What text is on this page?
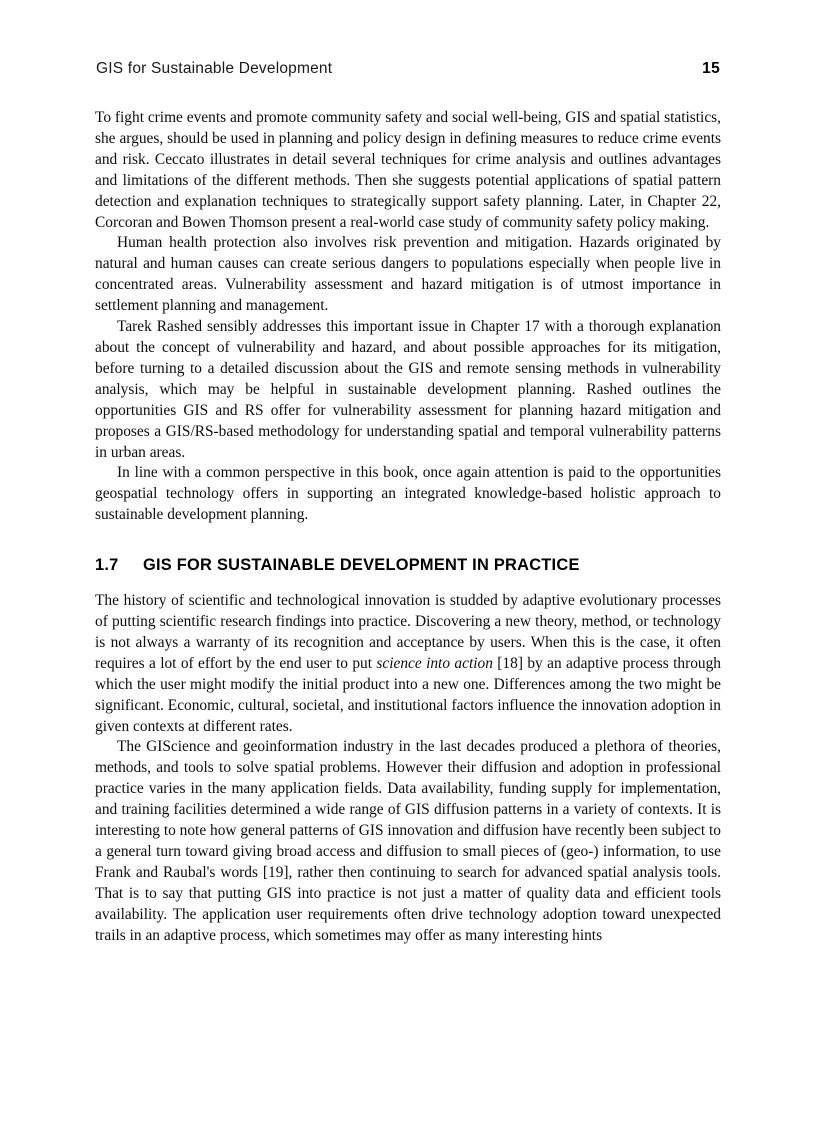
GIS for Sustainable Development	15

To fight crime events and promote community safety and social well-being, GIS and spatial statistics, she argues, should be used in planning and policy design in defining measures to reduce crime events and risk. Ceccato illustrates in detail several techniques for crime analysis and outlines advantages and limitations of the different methods. Then she suggests potential applications of spatial pattern detection and explanation techniques to strategically support safety planning. Later, in Chapter 22, Corcoran and Bowen Thomson present a real-world case study of community safety policy making.

Human health protection also involves risk prevention and mitigation. Hazards originated by natural and human causes can create serious dangers to populations especially when people live in concentrated areas. Vulnerability assessment and hazard mitigation is of utmost importance in settlement planning and management.

Tarek Rashed sensibly addresses this important issue in Chapter 17 with a thorough explanation about the concept of vulnerability and hazard, and about possible approaches for its mitigation, before turning to a detailed discussion about the GIS and remote sensing methods in vulnerability analysis, which may be helpful in sustainable development planning. Rashed outlines the opportunities GIS and RS offer for vulnerability assessment for planning hazard mitigation and proposes a GIS/RS-based methodology for understanding spatial and temporal vulnerability patterns in urban areas.

In line with a common perspective in this book, once again attention is paid to the opportunities geospatial technology offers in supporting an integrated knowledge-based holistic approach to sustainable development planning.

1.7	GIS FOR SUSTAINABLE DEVELOPMENT IN PRACTICE

The history of scientific and technological innovation is studded by adaptive evolutionary processes of putting scientific research findings into practice. Discovering a new theory, method, or technology is not always a warranty of its recognition and acceptance by users. When this is the case, it often requires a lot of effort by the end user to put science into action [18] by an adaptive process through which the user might modify the initial product into a new one. Differences among the two might be significant. Economic, cultural, societal, and institutional factors influence the innovation adoption in given contexts at different rates.

The GIScience and geoinformation industry in the last decades produced a plethora of theories, methods, and tools to solve spatial problems. However their diffusion and adoption in professional practice varies in the many application fields. Data availability, funding supply for implementation, and training facilities determined a wide range of GIS diffusion patterns in a variety of contexts. It is interesting to note how general patterns of GIS innovation and diffusion have recently been subject to a general turn toward giving broad access and diffusion to small pieces of (geo-) information, to use Frank and Raubal's words [19], rather then continuing to search for advanced spatial analysis tools. That is to say that putting GIS into practice is not just a matter of quality data and efficient tools availability. The application user requirements often drive technology adoption toward unexpected trails in an adaptive process, which sometimes may offer as many interesting hints
